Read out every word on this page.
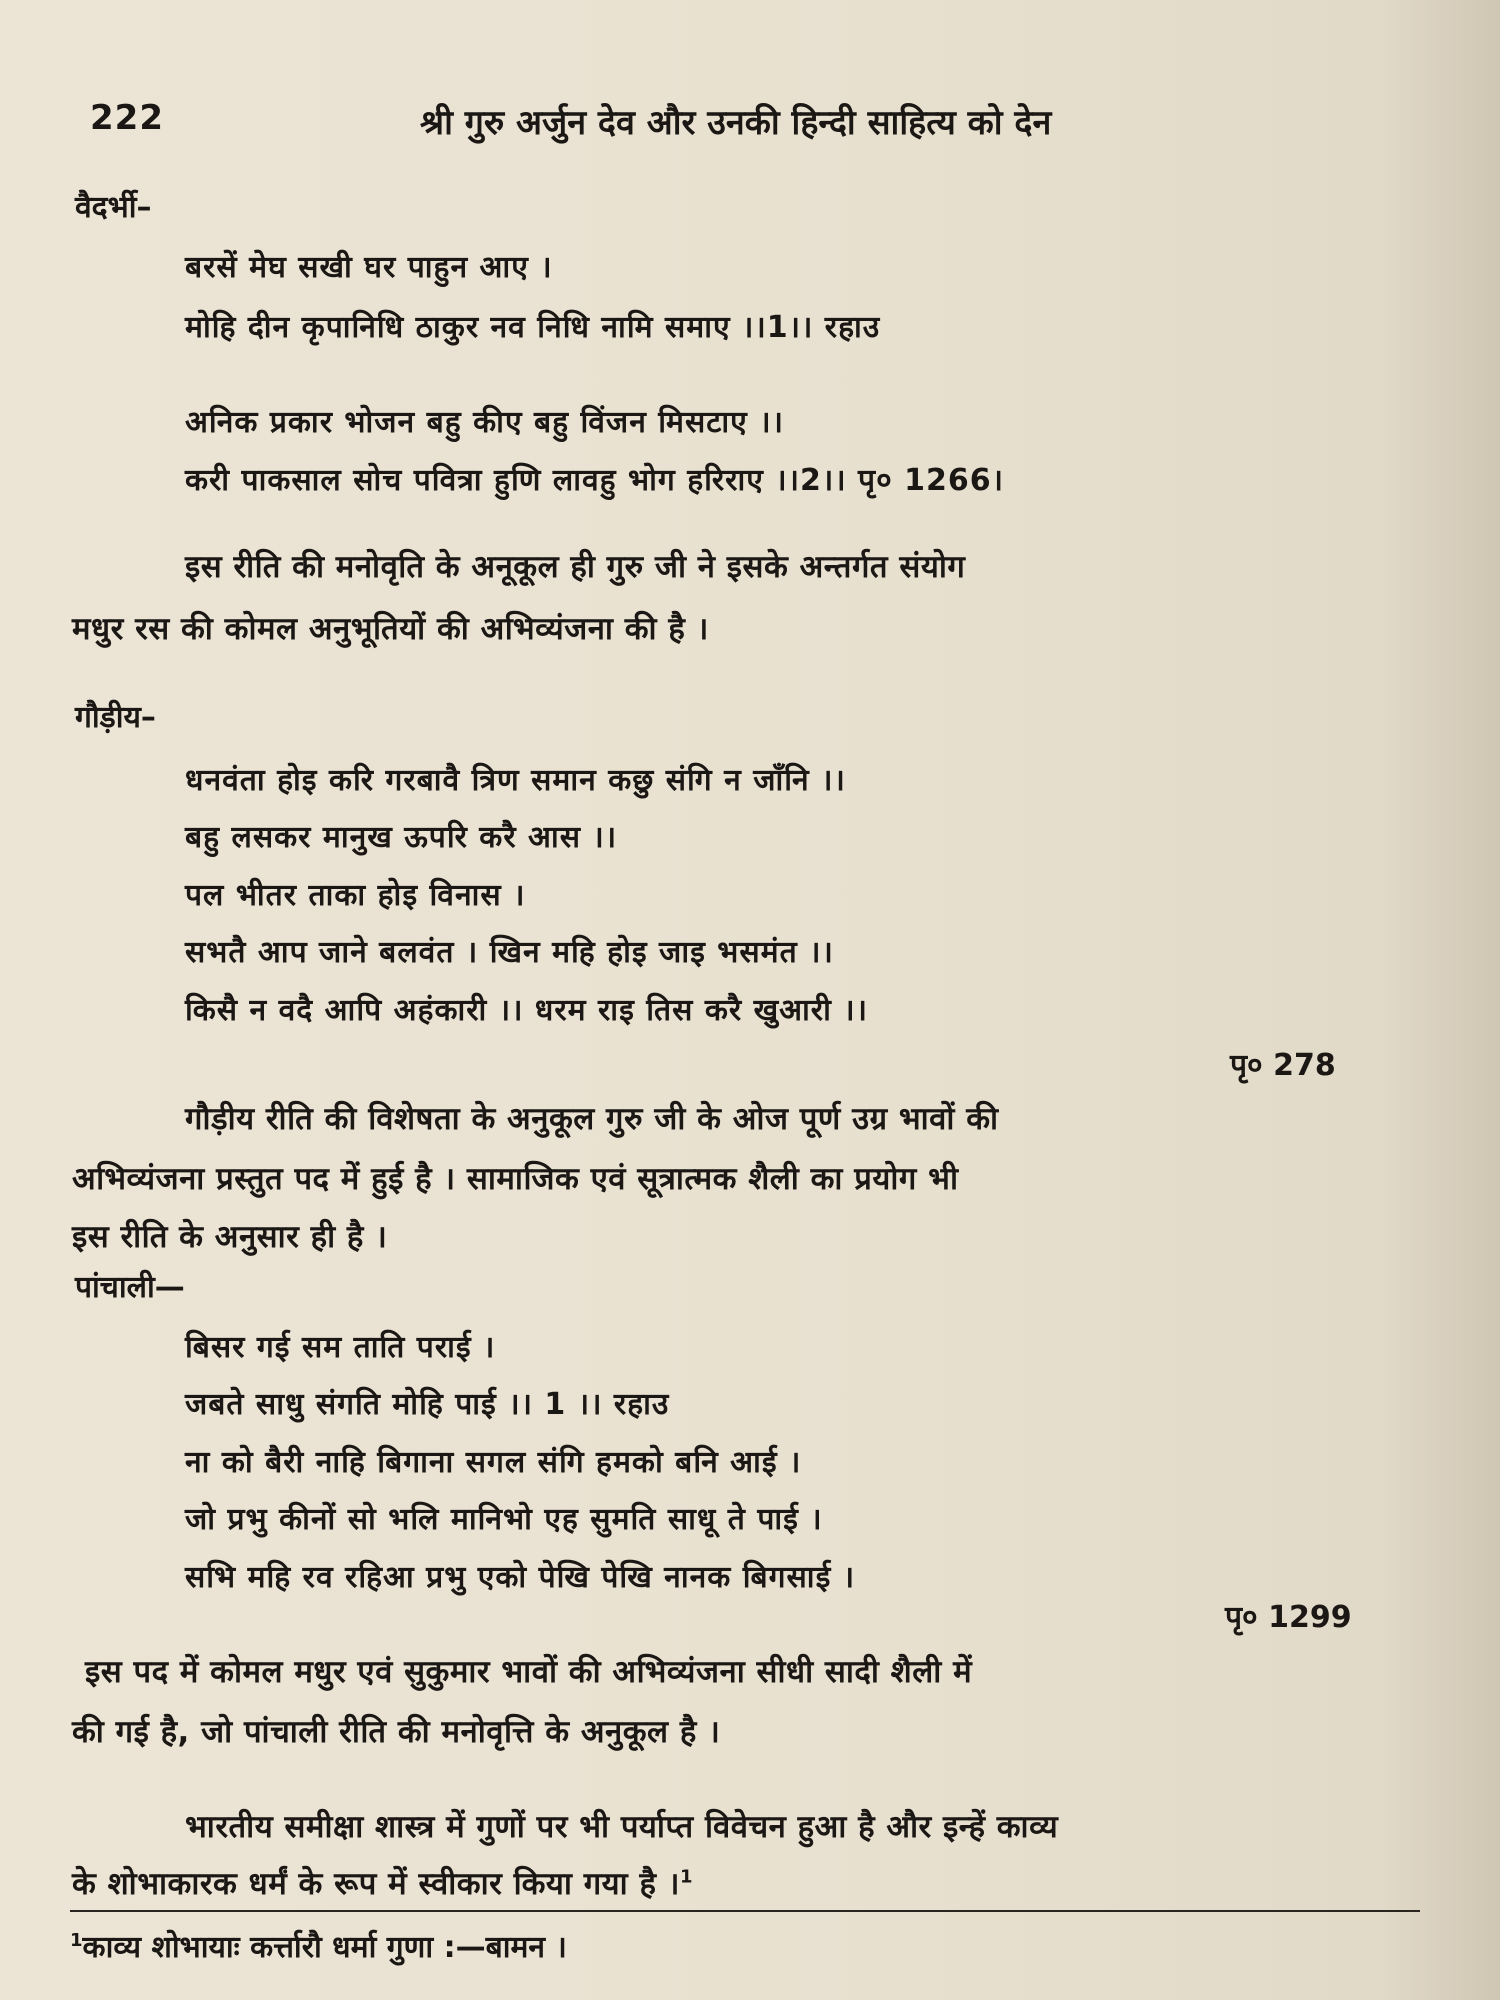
222	श्री गुरु अर्जुन देव और उनकी हिन्दी साहित्य को देन
वैदर्भी–
बरसें मेघ सखी घर पाहुन आए ।
मोहि दीन कृपानिधि ठाकुर नव निधि नामि समाए ।।1।। रहाउ
अनिक प्रकार भोजन बहु कीए बहु विंजन मिसटाए ।।
करी पाकसाल सोच पवित्रा हुणि लावहु भोग हरिराए ।।2।। पृ० 1266।
इस रीति की मनोवृति के अनूकूल ही गुरु जी ने इसके अन्तर्गत संयोग
मधुर रस की कोमल अनुभूतियों की अभिव्यंजना की है ।
गौड़ीय–
धनवंता होइ करि गरबावै त्रिण समान कछु संगि न जाँनि ।।
बहु लसकर मानुख ऊपरि करै आस ।।
पल भीतर ताका होइ विनास ।
सभतै आप जाने बलवंत । खिन महि होइ जाइ भसमंत ।।
किसै न वदै आपि अहंकारी ।। धरम राइ तिस करै खुआरी ।।
पृ० 278
गौड़ीय रीति की विशेषता के अनुकूल गुरु जी के ओज पूर्ण उग्र भावों की
अभिव्यंजना प्रस्तुत पद में हुई है । सामाजिक एवं सूत्रात्मक शैली का प्रयोग भी
इस रीति के अनुसार ही है ।
पांचाली—
बिसर गई सम ताति पराई ।
जबते साधु संगति मोहि पाई ।। 1 ।। रहाउ
ना को बैरी नाहि बिगाना सगल संगि हमको बनि आई ।
जो प्रभु कीनों सो भलि मानिभो एह सुमति साधू ते पाई ।
सभि महि रव रहिआ प्रभु एको पेखि पेखि नानक बिगसाई ।
पृ० 1299
इस पद में कोमल मधुर एवं सुकुमार भावों की अभिव्यंजना सीधी सादी शैली में
की गई है, जो पांचाली रीति की मनोवृत्ति के अनुकूल है ।
भारतीय समीक्षा शास्त्र में गुणों पर भी पर्याप्त विवेचन हुआ है और इन्हें काव्य
के शोभाकारक धर्मं के रूप में स्वीकार किया गया है ।$^1$
$^1$काव्य शोभायाः कर्त्तारौ धर्मा गुणा :—बामन ।
